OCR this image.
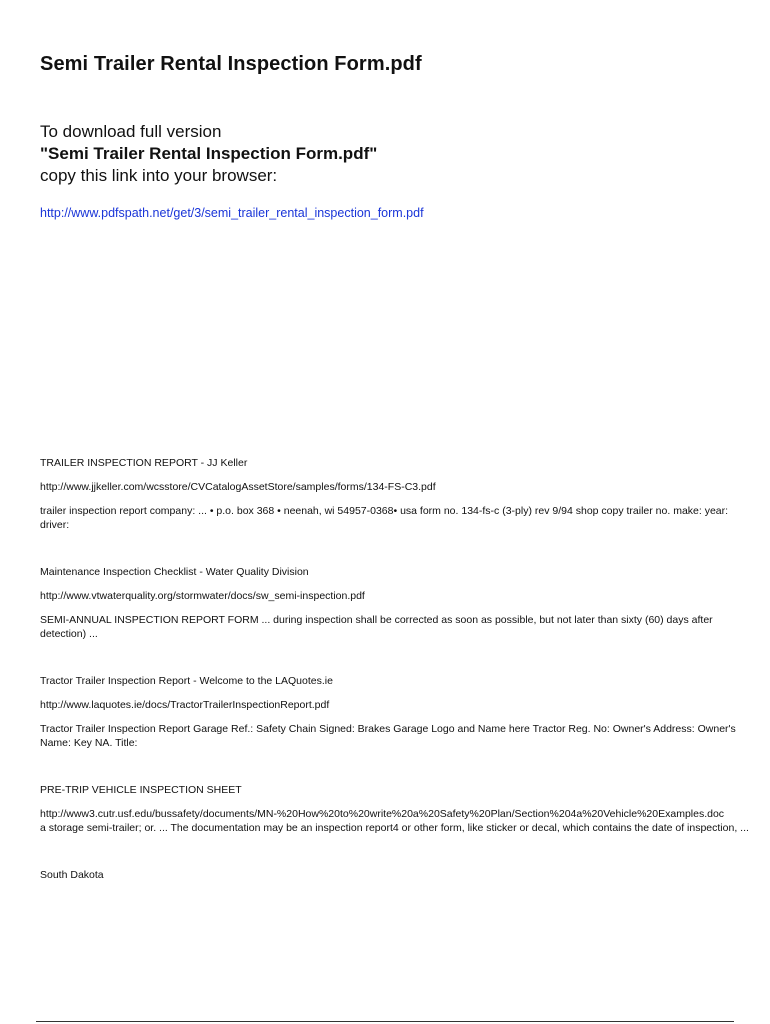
Semi Trailer Rental Inspection Form.pdf
To download full version
"Semi Trailer Rental Inspection Form.pdf"
copy this link into your browser:
http://www.pdfspath.net/get/3/semi_trailer_rental_inspection_form.pdf
TRAILER INSPECTION REPORT - JJ Keller
http://www.jjkeller.com/wcsstore/CVCatalogAssetStore/samples/forms/134-FS-C3.pdf
trailer inspection report company: ... • p.o. box 368 • neenah, wi 54957-0368• usa form no. 134-fs-c (3-ply) rev 9/94 shop copy trailer no. make: year: driver:
Maintenance Inspection Checklist - Water Quality Division
http://www.vtwaterquality.org/stormwater/docs/sw_semi-inspection.pdf
SEMI-ANNUAL INSPECTION REPORT FORM ... during inspection shall be corrected as soon as possible, but not later than sixty (60) days after detection) ...
Tractor Trailer Inspection Report - Welcome to the LAQuotes.ie
http://www.laquotes.ie/docs/TractorTrailerInspectionReport.pdf
Tractor Trailer Inspection Report Garage Ref.: Safety Chain Signed: Brakes Garage Logo and Name here Tractor Reg. No: Owner's Address: Owner's Name: Key NA. Title:
PRE-TRIP VEHICLE INSPECTION SHEET
http://www3.cutr.usf.edu/bussafety/documents/MN-%20How%20to%20write%20a%20Safety%20Plan/Section%204a%20Vehicle%20Examples.doc
a storage semi-trailer; or. ... The documentation may be an inspection report4 or other form, like sticker or decal, which contains the date of inspection, ...
South Dakota
